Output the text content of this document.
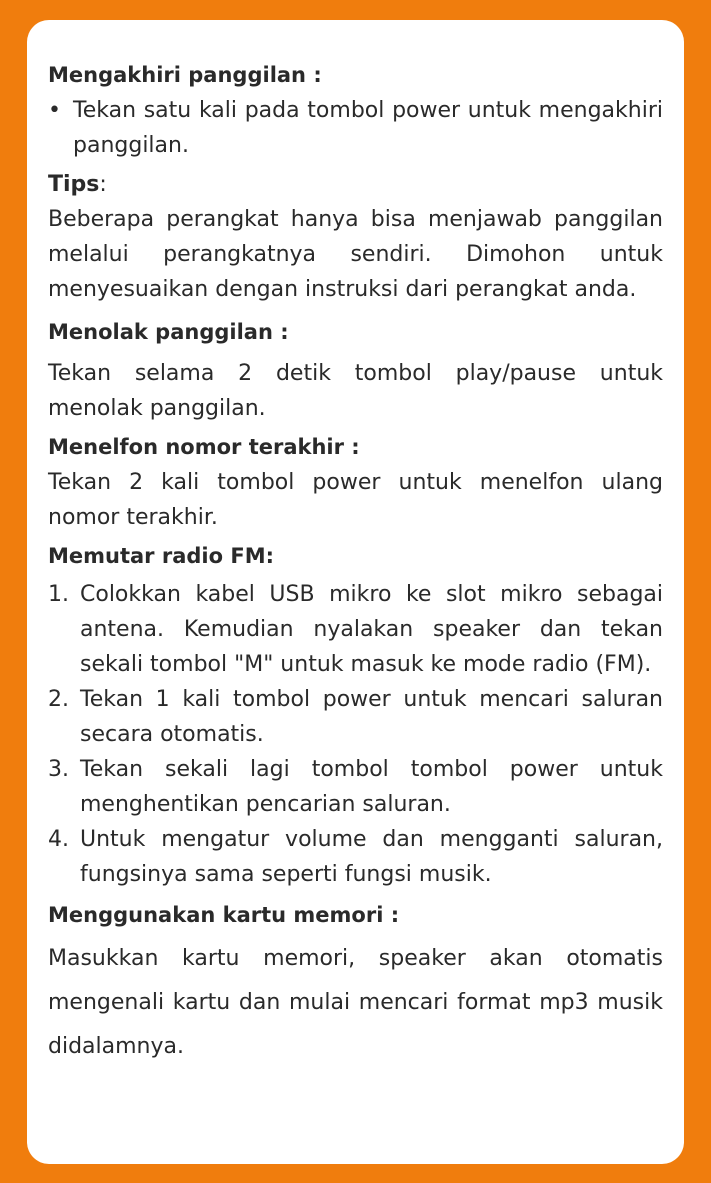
Mengakhiri panggilan :

• Tekan satu kali pada tombol power untuk mengakhiri panggilan.

Tips:

Beberapa perangkat hanya bisa menjawab panggilan melalui perangkatnya sendiri. Dimohon untuk menyesuaikan dengan instruksi dari perangkat anda.

Menolak panggilan :

Tekan selama 2 detik tombol play/pause untuk menolak panggilan.

Menelfon nomor terakhir :

Tekan 2 kali tombol power untuk menelfon ulang nomor terakhir.

Memutar radio FM:

1. Colokkan kabel USB mikro ke slot mikro sebagai antena. Kemudian nyalakan speaker dan tekan sekali tombol "M" untuk masuk ke mode radio (FM).
2. Tekan 1 kali tombol power untuk mencari saluran secara otomatis.
3. Tekan sekali lagi tombol tombol power untuk menghentikan pencarian saluran.
4. Untuk mengatur volume dan mengganti saluran, fungsinya sama seperti fungsi musik.

Menggunakan kartu memori :

Masukkan kartu memori, speaker akan otomatis mengenali kartu dan mulai mencari format mp3 musik didalamnya.
